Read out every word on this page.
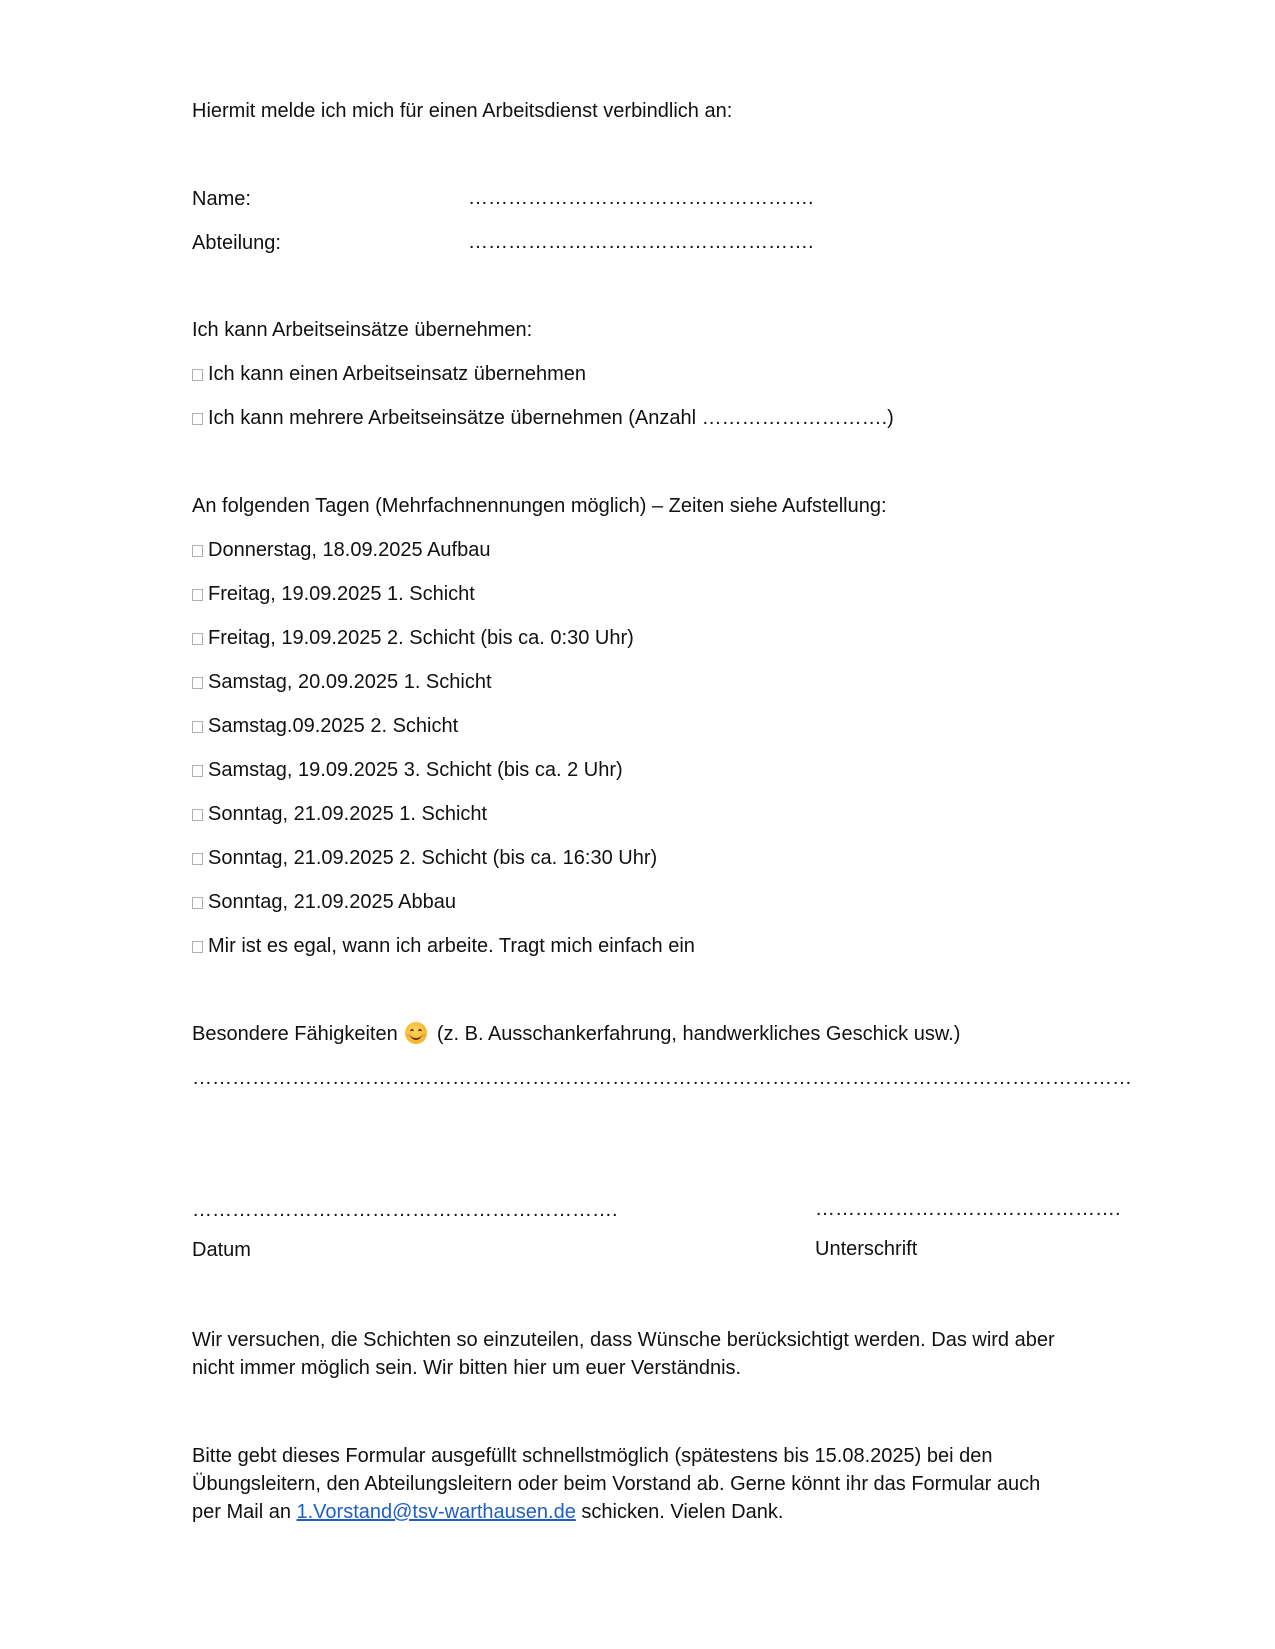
Hiermit melde ich mich für einen Arbeitsdienst verbindlich an:
Name:	…………………………………………….
Abteilung:	…………………………………………….
Ich kann Arbeitseinsätze übernehmen:
Ich kann einen Arbeitseinsatz übernehmen
Ich kann mehrere Arbeitseinsätze übernehmen (Anzahl ……………………….)
An folgenden Tagen (Mehrfachnennungen möglich) – Zeiten siehe Aufstellung:
Donnerstag, 18.09.2025 Aufbau
Freitag, 19.09.2025 1. Schicht
Freitag, 19.09.2025 2. Schicht (bis ca. 0:30 Uhr)
Samstag, 20.09.2025 1. Schicht
Samstag.09.2025 2. Schicht
Samstag, 19.09.2025 3. Schicht (bis ca. 2 Uhr)
Sonntag, 21.09.2025 1. Schicht
Sonntag, 21.09.2025 2. Schicht (bis ca. 16:30 Uhr)
Sonntag, 21.09.2025 Abbau
Mir ist es egal, wann ich arbeite. Tragt mich einfach ein
Besondere Fähigkeiten (z. B. Ausschankerfahrung, handwerkliches Geschick usw.)
……………………………………………………………………………………………………………………………
……………………………………………………….	……………………………………….
Datum	Unterschrift
Wir versuchen, die Schichten so einzuteilen, dass Wünsche berücksichtigt werden. Das wird aber nicht immer möglich sein. Wir bitten hier um euer Verständnis.
Bitte gebt dieses Formular ausgefüllt schnellstmöglich (spätestens bis 15.08.2025) bei den Übungsleitern, den Abteilungsleitern oder beim Vorstand ab. Gerne könnt ihr das Formular auch per Mail an 1.Vorstand@tsv-warthausen.de schicken. Vielen Dank.
